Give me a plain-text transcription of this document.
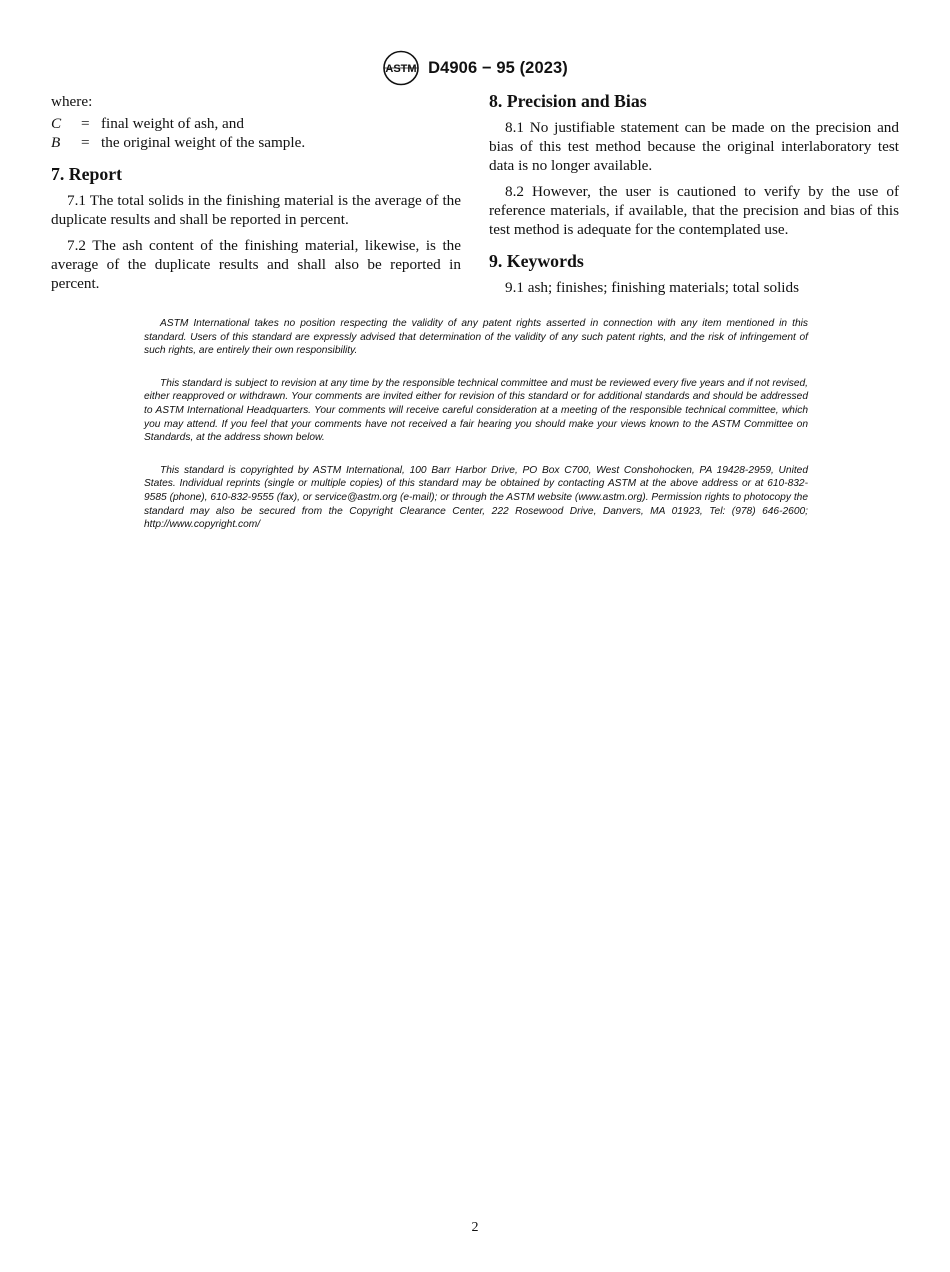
ASTM D4906 − 95 (2023)

where:

C	= final weight of ash, and
B	= the original weight of the sample.
7. Report

7.1 The total solids in the finishing material is the average of the duplicate results and shall be reported in percent.

7.2 The ash content of the finishing material, likewise, is the average of the duplicate results and shall also be reported in percent.

8. Precision and Bias

8.1 No justifiable statement can be made on the precision and bias of this test method because the original interlaboratory test data is no longer available.

8.2 However, the user is cautioned to verify by the use of reference materials, if available, that the precision and bias of this test method is adequate for the contemplated use.

9. Keywords

9.1 ash; finishes; finishing materials; total solids

ASTM International takes no position respecting the validity of any patent rights asserted in connection with any item mentioned in this standard. Users of this standard are expressly advised that determination of the validity of any such patent rights, and the risk of infringement of such rights, are entirely their own responsibility.

This standard is subject to revision at any time by the responsible technical committee and must be reviewed every five years and if not revised, either reapproved or withdrawn. Your comments are invited either for revision of this standard or for additional standards and should be addressed to ASTM International Headquarters. Your comments will receive careful consideration at a meeting of the responsible technical committee, which you may attend. If you feel that your comments have not received a fair hearing you should make your views known to the ASTM Committee on Standards, at the address shown below.

This standard is copyrighted by ASTM International, 100 Barr Harbor Drive, PO Box C700, West Conshohocken, PA 19428-2959, United States. Individual reprints (single or multiple copies) of this standard may be obtained by contacting ASTM at the above address or at 610-832-9585 (phone), 610-832-9555 (fax), or service@astm.org (e-mail); or through the ASTM website (www.astm.org). Permission rights to photocopy the standard may also be secured from the Copyright Clearance Center, 222 Rosewood Drive, Danvers, MA 01923, Tel: (978) 646-2600; http://www.copyright.com/

2
